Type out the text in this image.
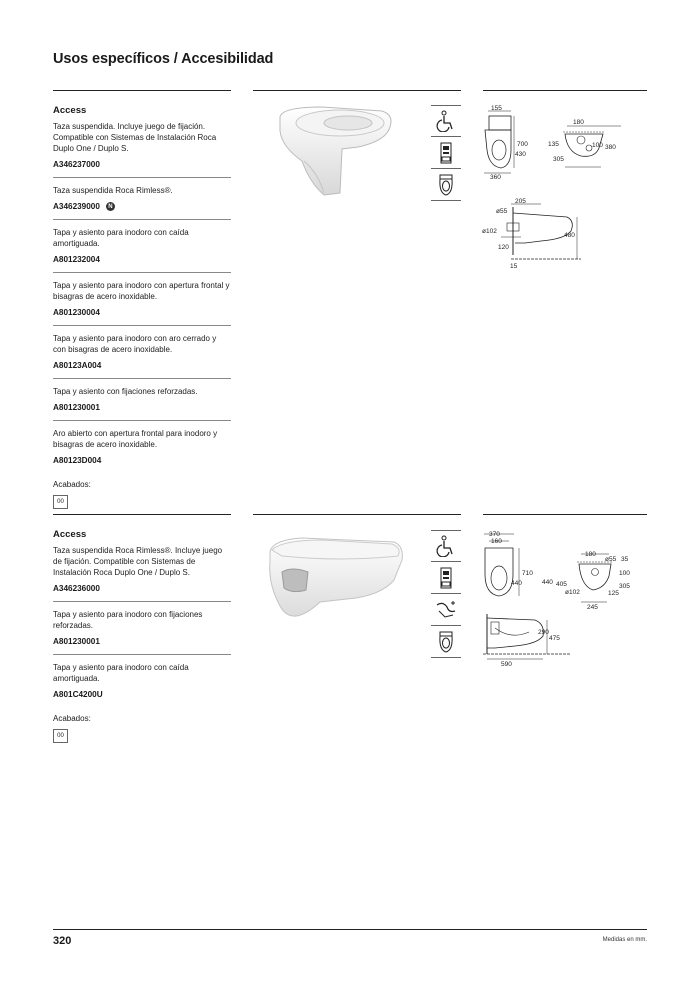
Usos específicos / Accesibilidad
Access
Taza suspendida. Incluye juego de fijación. Compatible con Sistemas de Instalación Roca Duplo One / Duplo S.
A346237000
Taza suspendida Roca Rimless®.
A346239000	N
Tapa y asiento para inodoro con caída amortiguada.
A801232004
Tapa y asiento para inodoro con apertura frontal y bisagras de acero inoxidable.
A801230004
Tapa y asiento para inodoro con aro cerrado y con bisagras de acero inoxidable.
A80123A004
Tapa y asiento con fijaciones reforzadas.
A801230001
Aro abierto con apertura frontal para inodoro y bisagras de acero inoxidable.
A80123D004
Acabados:
00
155
700
430
360
180
135	100 380
305
205
ø55
ø102
480
120
15
Access
Taza suspendida Roca Rimless®. Incluye juego de fijación. Compatible con Sistemas de Instalación Roca Duplo One / Duplo S.
A346236000
Tapa y asiento para inodoro con fijaciones reforzadas.
A801230001
Tapa y asiento para inodoro con caída amortiguada.
A801C4200U
Acabados:
00
370
160
710
440
180
ø55 35
440 405
100
ø102
305
125
245
290
475
590
320	Medidas en mm.
